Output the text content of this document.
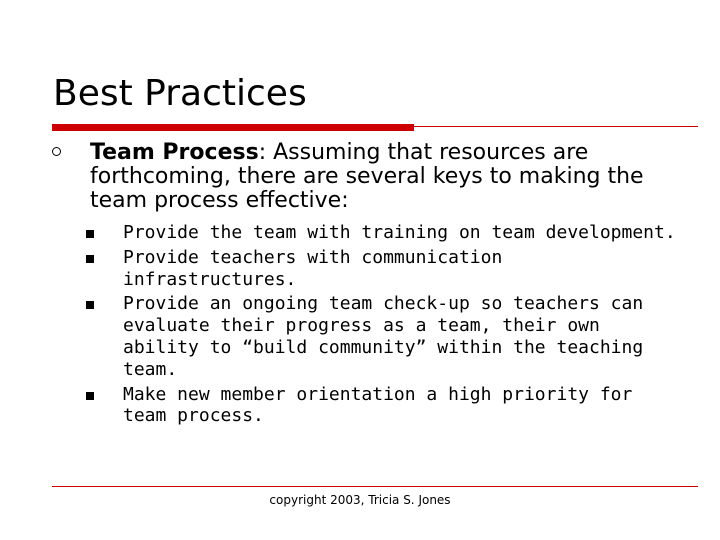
Best Practices
Team Process: Assuming that resources are forthcoming, there are several keys to making the team process effective:
Provide the team with training on team development.
Provide teachers with communication infrastructures.
Provide an ongoing team check-up so teachers can evaluate their progress as a team, their own ability to “build community” within the teaching team.
Make new member orientation a high priority for team process.
copyright 2003, Tricia S. Jones
